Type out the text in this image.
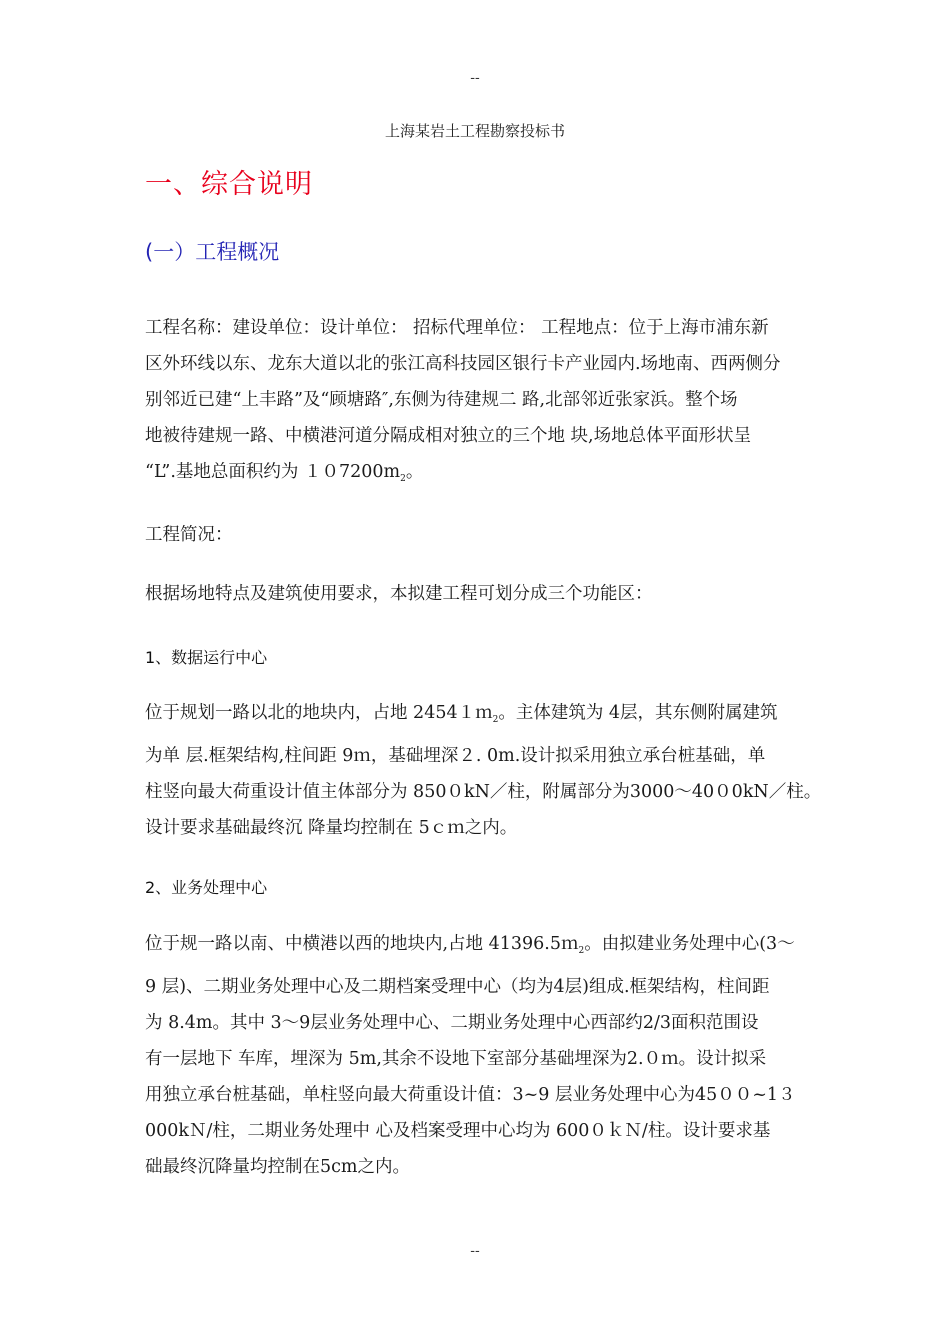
--
上海某岩土工程勘察投标书
一、综合说明
(一）工程概况
工程名称：建设单位：设计单位： 招标代理单位： 工程地点：位于上海市浦东新
区外环线以东、龙东大道以北的张江高科技园区银行卡产业园内.场地南、西两侧分
别邻近已建“上丰路”及“顾塘路″,东侧为待建规二 路,北部邻近张家浜。整个场
地被待建规一路、中横港河道分隔成相对独立的三个地 块,场地总体平面形状呈
“L”.基地总面积约为 $107200m_2$。
工程简况：
根据场地特点及建筑使用要求，本拟建工程可划分成三个功能区：
1、数据运行中心
位于规划一路以北的地块内，占地 2454１ｍ$_2$。主体建筑为 4层，其东侧附属建筑
为单 层.框架结构,柱间距 9ｍ，基础埋深２. 0m.设计拟采用独立承台桩基础，单
柱竖向最大荷重设计值主体部分为 850０kN／柱，附属部分为3000～40０0kN／柱。
设计要求基础最终沉 降量均控制在 5ｃｍ之内。
2、业务处理中心
位于规一路以南、中横港以西的地块内,占地 41396.5ｍ$_2$。由拟建业务处理中心(3～
9 层)、二期业务处理中心及二期档案受理中心（均为4层)组成.框架结构，柱间距
为 8.4m。其中 3～9层业务处理中心、二期业务处理中心西部约2/3面积范围设
有一层地下 车库，埋深为 5m,其余不设地下室部分基础埋深为2.０ｍ。设计拟采
用独立承台桩基础，单柱竖向最大荷重设计值：3~9 层业务处理中心为45００~1３
000kＮ/柱，二期业务处理中 心及档案受理中心均为 600０ｋＮ/柱。设计要求基
础最终沉降量均控制在5cm之内。
--
